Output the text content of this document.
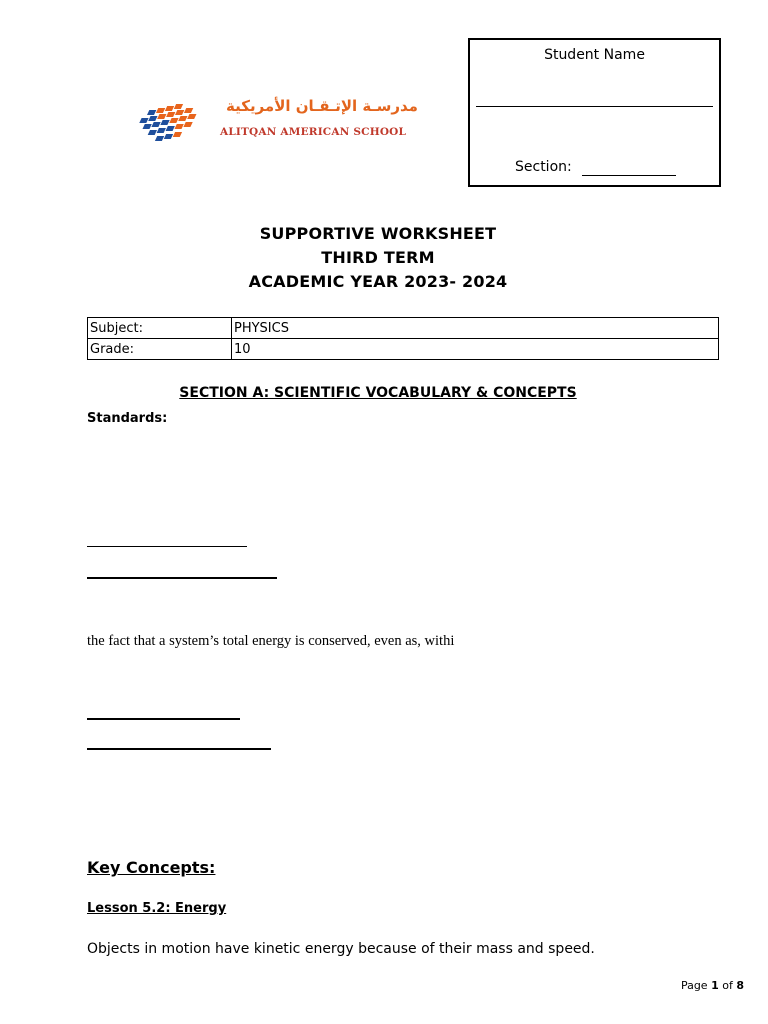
مدرسـة الإتـقـان الأمريكية
ALITQAN AMERICAN SCHOOL
Student Name
Section:
SUPPORTIVE WORKSHEET
THIRD TERM
ACADEMIC YEAR 2023- 2024
Subject:	PHYSICS
Grade:	10
SECTION A: SCIENTIFIC VOCABULARY & CONCEPTS
Standards:
the fact that a system’s total energy is conserved, even as, withi
Key Concepts:
Lesson 5.2: Energy
Objects in motion have kinetic energy because of their mass and speed.
Page 1 of 8
